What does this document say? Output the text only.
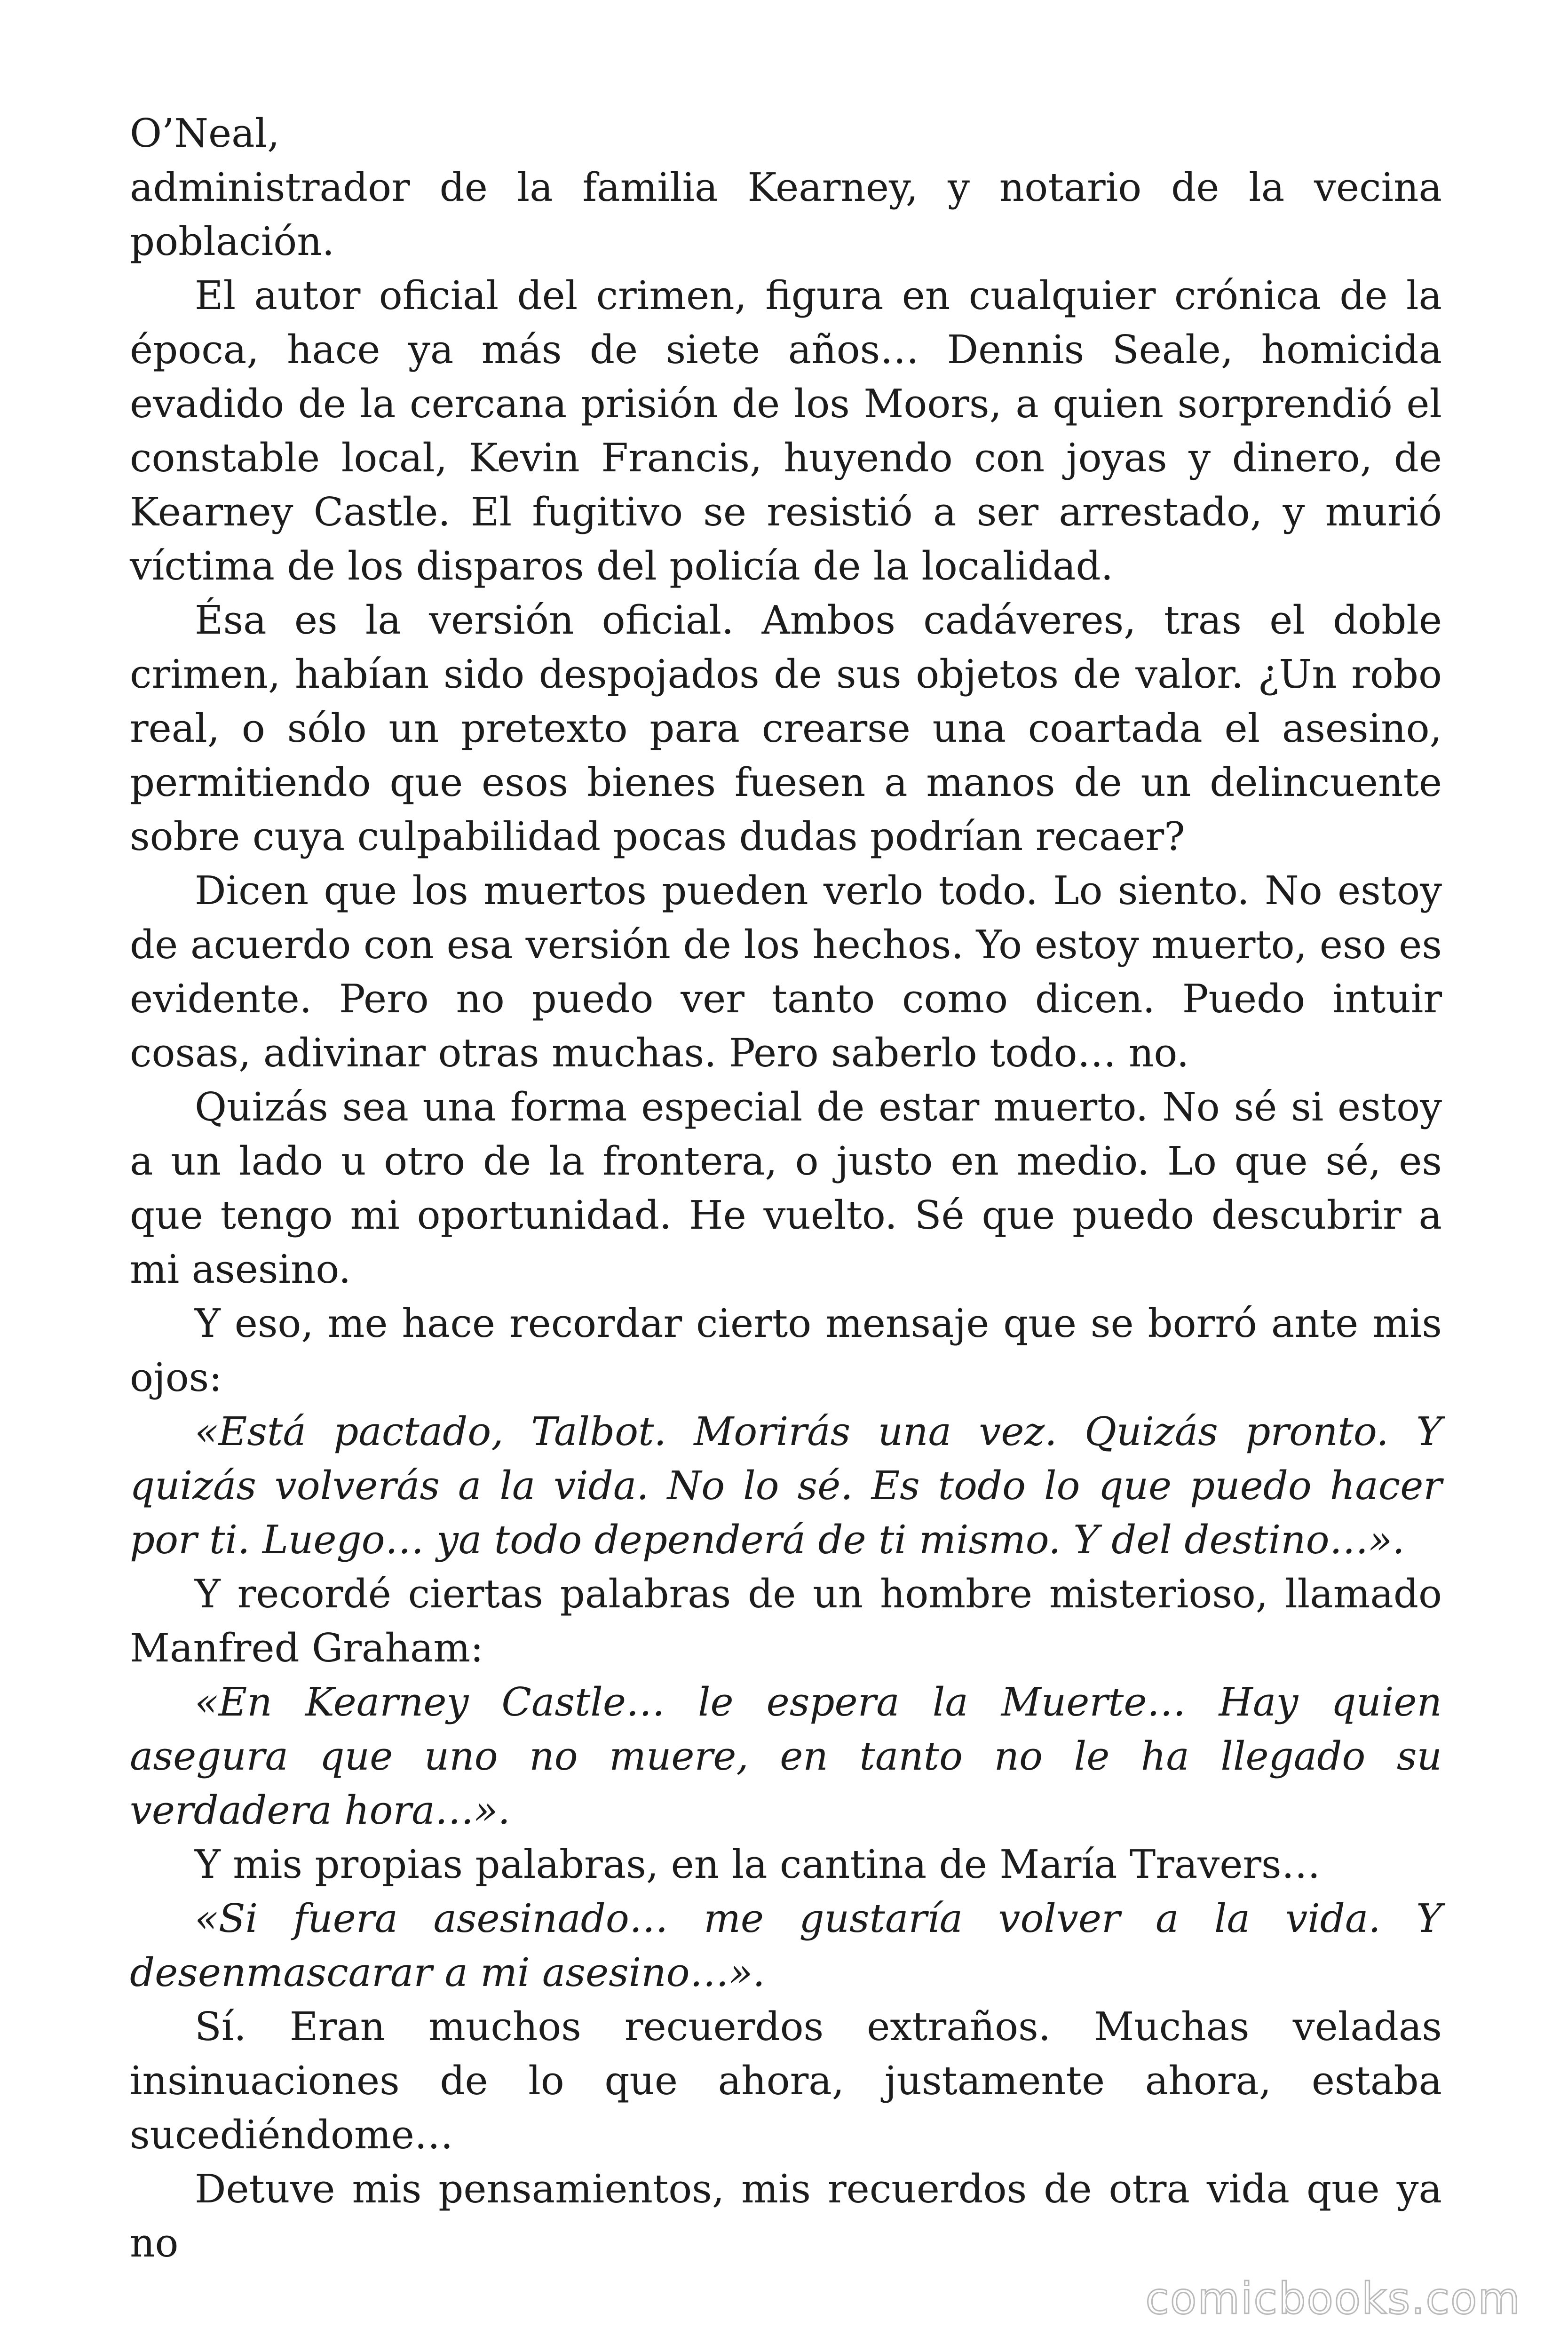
O’Neal,

administrador de la familia Kearney, y notario de la vecina población.

El autor oficial del crimen, figura en cualquier crónica de la época, hace ya más de siete años… Dennis Seale, homicida evadido de la cercana prisión de los Moors, a quien sorprendió el constable local, Kevin Francis, huyendo con joyas y dinero, de Kearney Castle. El fugitivo se resistió a ser arrestado, y murió víctima de los disparos del policía de la localidad.

Ésa es la versión oficial. Ambos cadáveres, tras el doble crimen, habían sido despojados de sus objetos de valor. ¿Un robo real, o sólo un pretexto para crearse una coartada el asesino, permitiendo que esos bienes fuesen a manos de un delincuente sobre cuya culpabilidad pocas dudas podrían recaer?

Dicen que los muertos pueden verlo todo. Lo siento. No estoy de acuerdo con esa versión de los hechos. Yo estoy muerto, eso es evidente. Pero no puedo ver tanto como dicen. Puedo intuir cosas, adivinar otras muchas. Pero saberlo todo… no.

Quizás sea una forma especial de estar muerto. No sé si estoy a un lado u otro de la frontera, o justo en medio. Lo que sé, es que tengo mi oportunidad. He vuelto. Sé que puedo descubrir a mi asesino.

Y eso, me hace recordar cierto mensaje que se borró ante mis ojos:

«Está pactado, Talbot. Morirás una vez. Quizás pronto. Y quizás volverás a la vida. No lo sé. Es todo lo que puedo hacer por ti. Luego… ya todo dependerá de ti mismo. Y del destino…».

Y recordé ciertas palabras de un hombre misterioso, llamado Manfred Graham:

«En Kearney Castle… le espera la Muerte… Hay quien asegura que uno no muere, en tanto no le ha llegado su verdadera hora…».

Y mis propias palabras, en la cantina de María Travers…

«Si fuera asesinado… me gustaría volver a la vida. Y desenmascarar a mi asesino…».

Sí. Eran muchos recuerdos extraños. Muchas veladas insinuaciones de lo que ahora, justamente ahora, estaba sucediéndome…

Detuve mis pensamientos, mis recuerdos de otra vida que ya no

comicbooks.com
